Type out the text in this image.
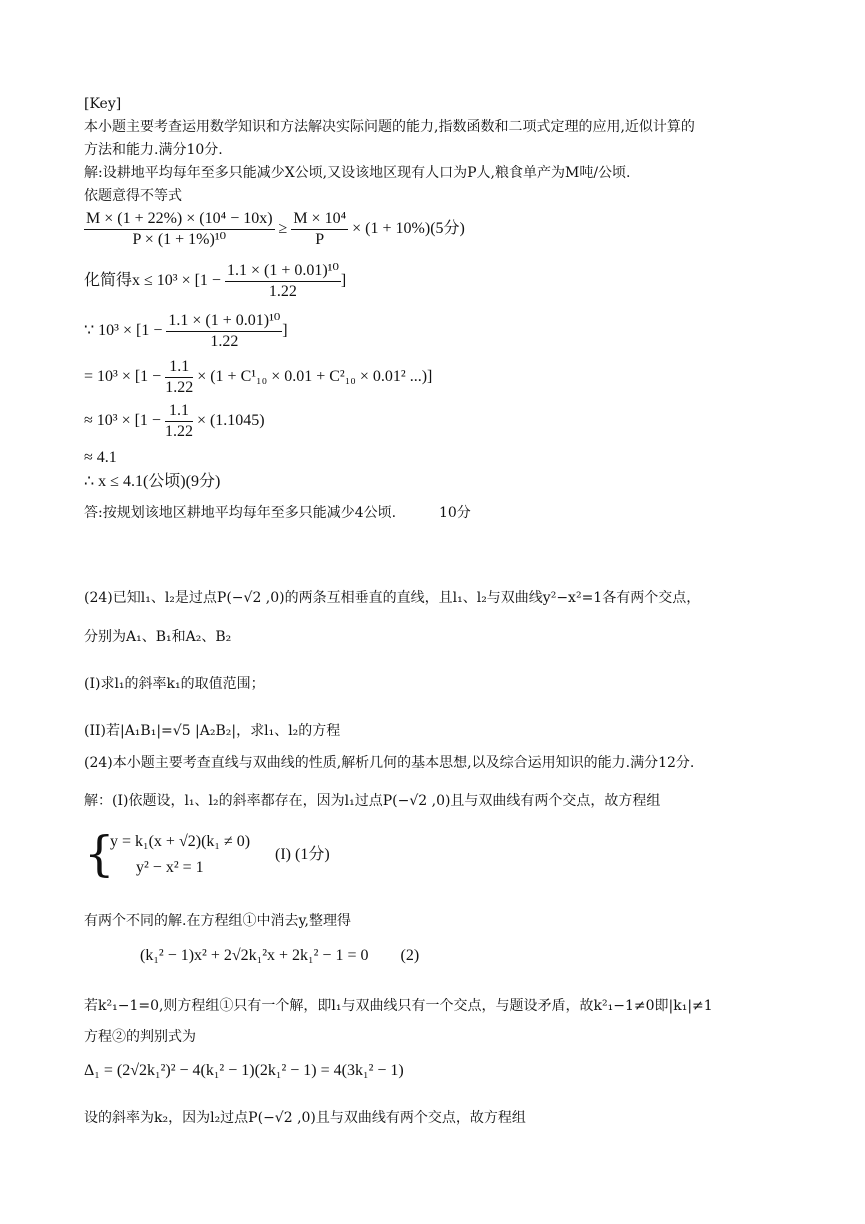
[Key]
本小题主要考查运用数学知识和方法解决实际问题的能力,指数函数和二项式定理的应用,近似计算的
方法和能力.满分10分.
解:设耕地平均每年至多只能减少X公顷,又设该地区现有人口为P人,粮食单产为M吨/公顷.
依题意得不等式
$\frac{\text{M × (1 + 22\%) × (10⁴ − 10x)}}{\text{P × (1 + 1\%)¹⁰}} \ge \frac{\text{M × 10⁴}}{P} \times (1 + 10\%)(5$分)
化简得$x \le 10^3 \times [1 - \frac{\text{1.1 × (1 + 0.01)¹⁰}}{1.22}$ ]
∵ $10^3 \times [1 - \frac{\text{1.1 × (1 + 0.01)¹⁰}}{1.22}$ ]
= $10^3 \times [1 - \frac{1.1}{1.22} \times (1 + C^1_{10} \times 0.01 + C^2_{10} \times 0.01^2$ ...)]
≈ $10^3 \times [1 - \frac{1.1}{1.22} \times (1.1045)$
≈ 4.1
∴ x ≤ 4.1(公顷)(9分)
答:按规划该地区耕地平均每年至多只能减少4公顷.	10分
(24)已知l₁、l₂是过点P(−√2 ,0)的两条互相垂直的直线，且l₁、l₂与双曲线y²−x²=1各有两个交点，
分别为A₁、B₁和A₂、B₂
(I)求l₁的斜率k₁的取值范围；
(II)若|A₁B₁|=√5 |A₂B₂|，求l₁、l₂的方程
(24)本小题主要考查直线与双曲线的性质,解析几何的基本思想,以及综合运用知识的能力.满分12分.
解：(I)依题设，l₁、l₂的斜率都存在，因为l₁过点P(−√2 ,0)且与双曲线有两个交点，故方程组
{
y = k₁(x + √2)(k₁ ≠ 0)
y² − x² = 1
(I) (1分)
有两个不同的解.在方程组①中消去y,整理得
(k₁² − 1)x² + 2√2k₁²x + 2k₁² − 1 = 0 (2)
若k²₁−1=0,则方程组①只有一个解，即l₁与双曲线只有一个交点，与题设矛盾，故k²₁−1≠0即|k₁|≠1
方程②的判别式为
Δ₁ = (2√2k₁²)² − 4(k₁² − 1)(2k₁² − 1) = 4(3k₁² − 1)
设的斜率为k₂，因为l₂过点P(−√2 ,0)且与双曲线有两个交点，故方程组
